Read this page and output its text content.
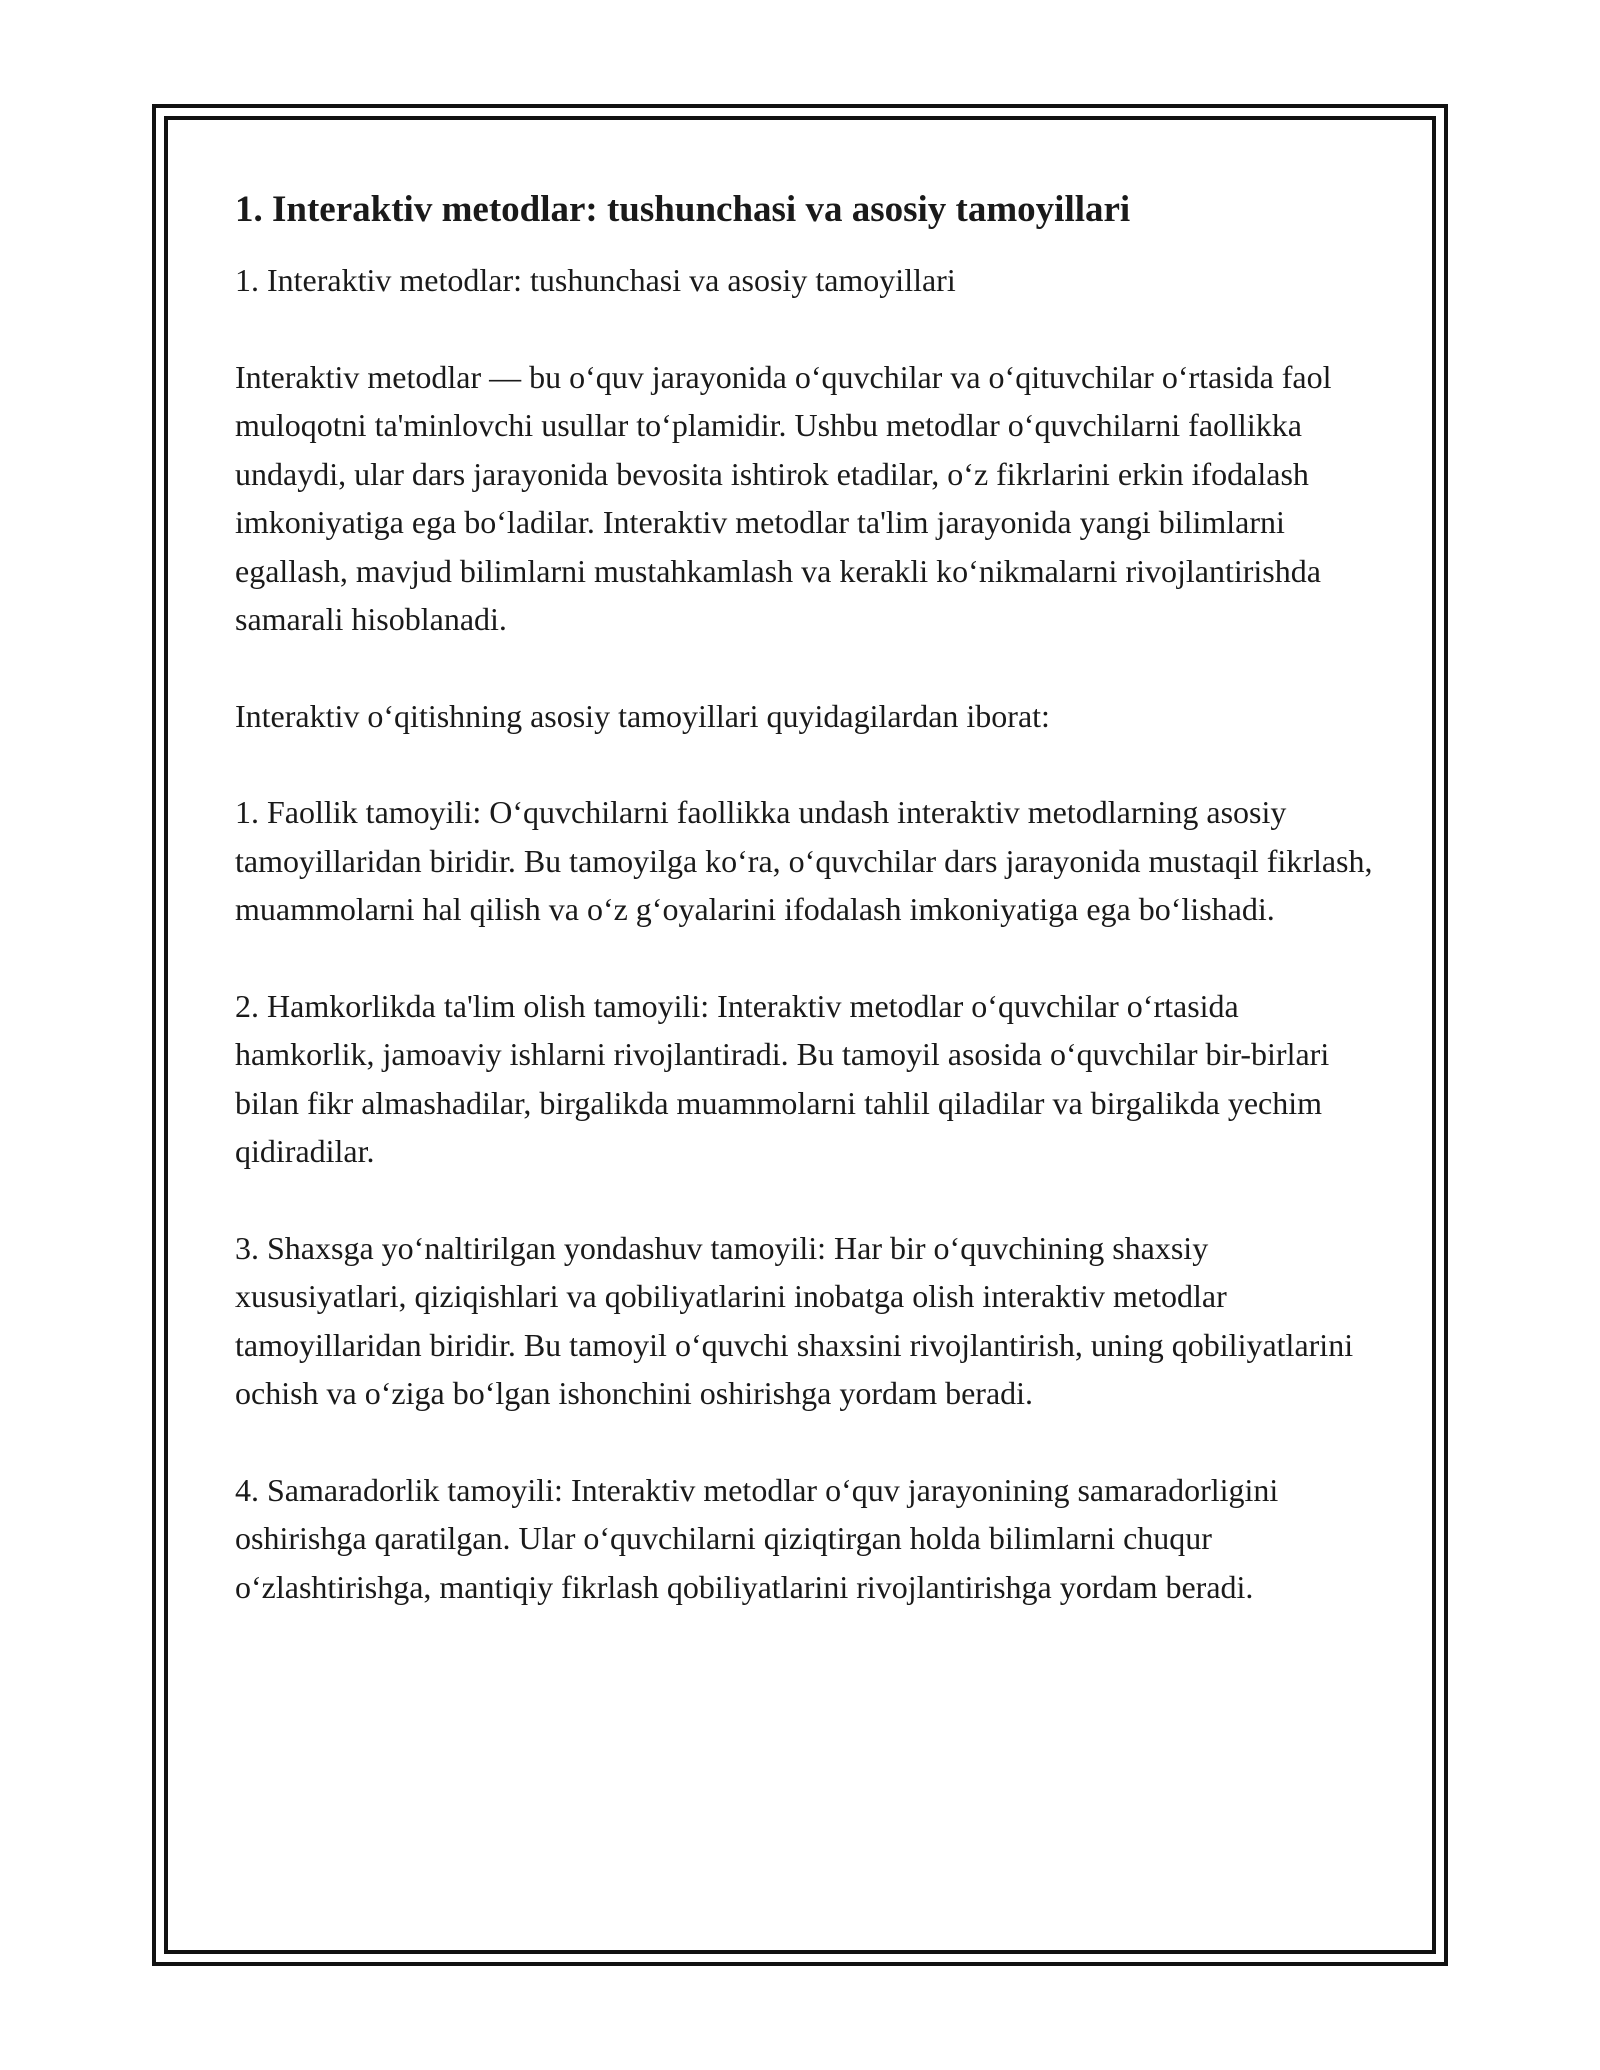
1. Interaktiv metodlar: tushunchasi va asosiy tamoyillari

1. Interaktiv metodlar: tushunchasi va asosiy tamoyillari

Interaktiv metodlar — bu o‘quv jarayonida o‘quvchilar va o‘qituvchilar o‘rtasida faol muloqotni ta'minlovchi usullar to‘plamidir. Ushbu metodlar o‘quvchilarni faollikka undaydi, ular dars jarayonida bevosita ishtirok etadilar, o‘z fikrlarini erkin ifodalash imkoniyatiga ega bo‘ladilar. Interaktiv metodlar ta'lim jarayonida yangi bilimlarni egallash, mavjud bilimlarni mustahkamlash va kerakli ko‘nikmalarni rivojlantirishda samarali hisoblanadi.

Interaktiv o‘qitishning asosiy tamoyillari quyidagilardan iborat:

1. Faollik tamoyili: O‘quvchilarni faollikka undash interaktiv metodlarning asosiy tamoyillaridan biridir. Bu tamoyilga ko‘ra, o‘quvchilar dars jarayonida mustaqil fikrlash, muammolarni hal qilish va o‘z g‘oyalarini ifodalash imkoniyatiga ega bo‘lishadi.

2. Hamkorlikda ta'lim olish tamoyili: Interaktiv metodlar o‘quvchilar o‘rtasida hamkorlik, jamoaviy ishlarni rivojlantiradi. Bu tamoyil asosida o‘quvchilar bir-birlari bilan fikr almashadilar, birgalikda muammolarni tahlil qiladilar va birgalikda yechim qidiradilar.

3. Shaxsga yo‘naltirilgan yondashuv tamoyili: Har bir o‘quvchining shaxsiy xususiyatlari, qiziqishlari va qobiliyatlarini inobatga olish interaktiv metodlar tamoyillaridan biridir. Bu tamoyil o‘quvchi shaxsini rivojlantirish, uning qobiliyatlarini ochish va o‘ziga bo‘lgan ishonchini oshirishga yordam beradi.

4. Samaradorlik tamoyili: Interaktiv metodlar o‘quv jarayonining samaradorligini oshirishga qaratilgan. Ular o‘quvchilarni qiziqtirgan holda bilimlarni chuqur o‘zlashtirishga, mantiqiy fikrlash qobiliyatlarini rivojlantirishga yordam beradi.
